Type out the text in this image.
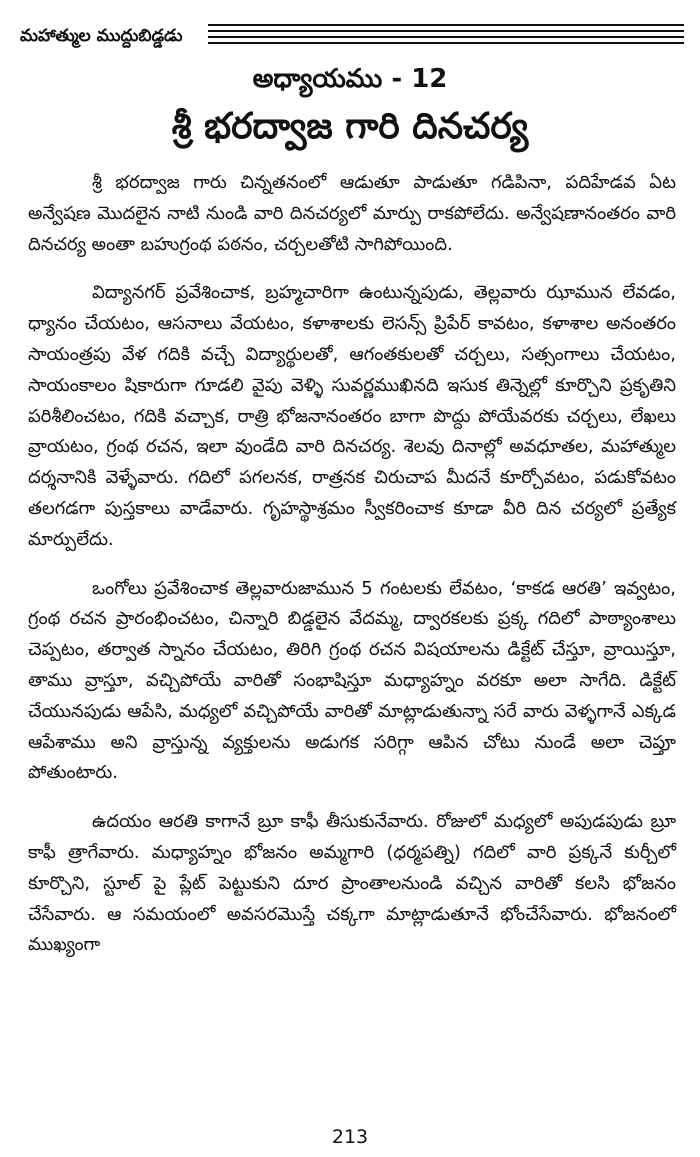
మహాత్ముల ముద్దుబిడ్డడు
అధ్యాయము - 12
శ్రీ భరద్వాజ గారి దినచర్య

శ్రీ భరద్వాజ గారు చిన్నతనంలో ఆడుతూ పాడుతూ గడిపినా, పదిహేడవ ఏట అన్వేషణ మొదలైన నాటి నుండి వారి దినచర్యలో మార్పు రాకపోలేదు. అన్వేషణానంతరం వారి దినచర్య అంతా బహుగ్రంథ పఠనం, చర్చలతోటి సాగిపోయింది.

విద్యానగర్ ప్రవేశించాక, బ్రహ్మచారిగా ఉంటున్నపుడు, తెల్లవారు ఝామున లేవడం, ధ్యానం చేయటం, ఆసనాలు వేయటం, కళాశాలకు లెసన్స్ ప్రిపేర్ కావటం, కళాశాల అనంతరం సాయంత్రపు వేళ గదికి వచ్చే విద్యార్థులతో, ఆగంతకులతో చర్చలు, సత్సంగాలు చేయటం, సాయంకాలం షికారుగా గూడలి వైపు వెళ్ళి సువర్ణముఖినది ఇసుక తిన్నెల్లో కూర్చొని ప్రకృతిని పరిశీలించటం, గదికి వచ్చాక, రాత్రి భోజనానంతరం బాగా పొద్దు పోయేవరకు చర్చలు, లేఖలు వ్రాయటం, గ్రంథ రచన, ఇలా వుండేది వారి దినచర్య. శెలవు దినాల్లో అవధూతల, మహాత్ముల దర్శనానికి వెళ్ళేవారు. గదిలో పగలనక, రాత్రనక చిరుచాప మీదనే కూర్చోవటం, పడుకోవటం తలగడగా పుస్తకాలు వాడేవారు. గృహస్థాశ్రమం స్వీకరించాక కూడా వీరి దిన చర్యలో ప్రత్యేక మార్పులేదు.

ఒంగోలు ప్రవేశించాక తెల్లవారుజామున 5 గంటలకు లేవటం, ‘కాకడ ఆరతి’ ఇవ్వటం, గ్రంథ రచన ప్రారంభించటం, చిన్నారి బిడ్డలైన వేదమ్మ, ద్వారకలకు ప్రక్క గదిలో పాఠ్యాంశాలు చెప్పటం, తర్వాత స్నానం చేయటం, తిరిగి గ్రంథ రచన విషయాలను డిక్టేట్ చేస్తూ, వ్రాయిస్తూ, తాము వ్రాస్తూ, వచ్చిపోయే వారితో సంభాషిస్తూ మధ్యాహ్నం వరకూ అలా సాగేది. డిక్టేట్ చేయునపుడు ఆపేసి, మధ్యలో వచ్చిపోయే వారితో మాట్లాడుతున్నా సరే వారు వెళ్ళగానే ఎక్కడ ఆపేశాము అని వ్రాస్తున్న వ్యక్తులను అడుగక సరిగ్గా ఆపిన చోటు నుండే అలా చెప్తూ పోతుంటారు.

ఉదయం ఆరతి కాగానే బ్రూ కాఫీ తీసుకునేవారు. రోజులో మధ్యలో అపుడపుడు బ్రూ కాఫీ త్రాగేవారు. మధ్యాహ్నం భోజనం అమ్మగారి (ధర్మపత్ని) గదిలో వారి ప్రక్కనే కుర్చీలో కూర్చొని, స్టూల్ పై ప్లేట్ పెట్టుకుని దూర ప్రాంతాలనుండి వచ్చిన వారితో కలసి భోజనం చేసేవారు. ఆ సమయంలో అవసరమొస్తే చక్కగా మాట్లాడుతూనే భోంచేసేవారు. భోజనంలో ముఖ్యంగా

213
